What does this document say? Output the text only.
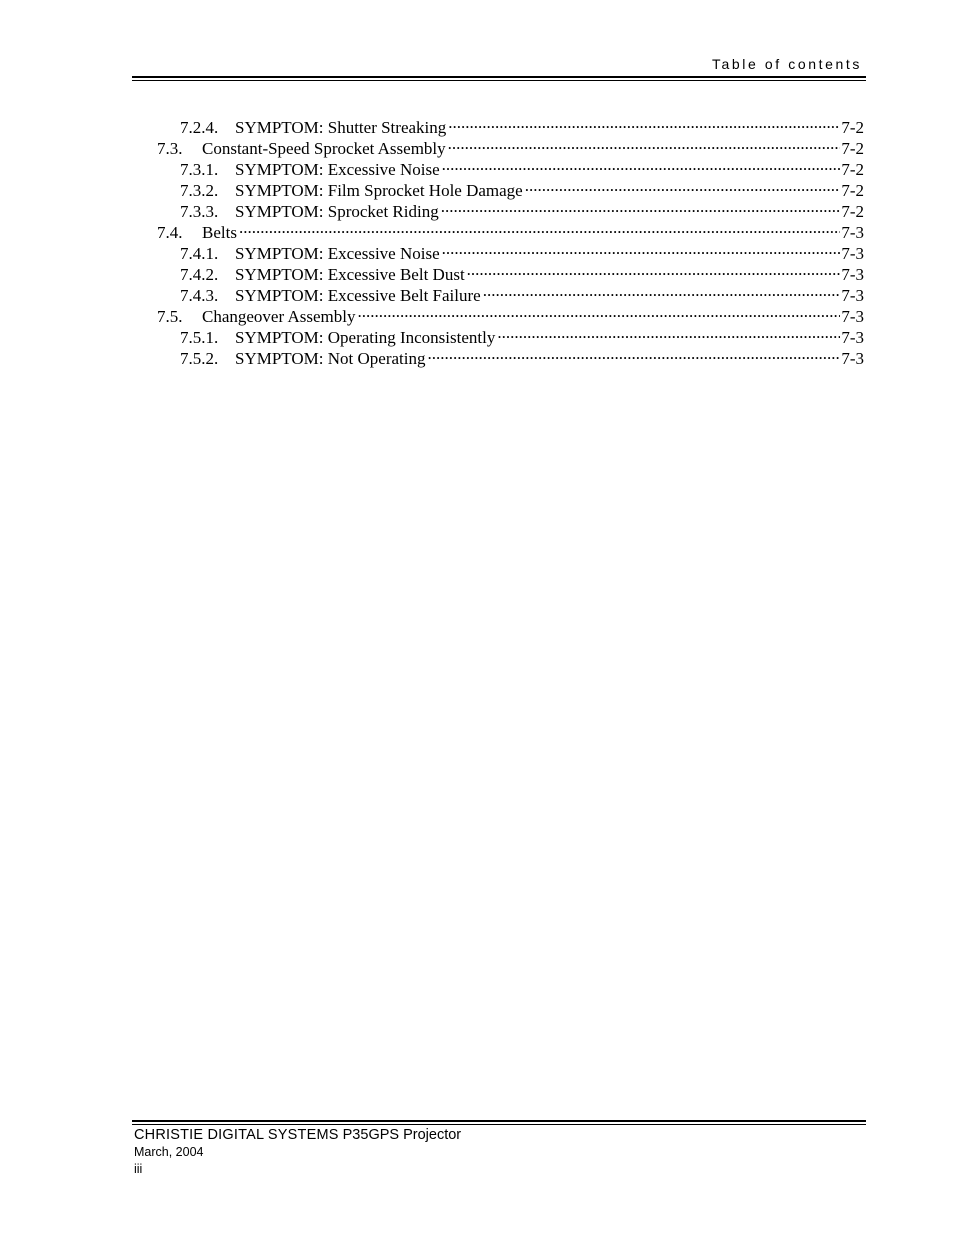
Table of contents
7.2.4. SYMPTOM: Shutter Streaking .....	7-2
7.3.	Constant-Speed Sprocket Assembly .....	7-2
7.3.1. SYMPTOM: Excessive Noise .....	7-2
7.3.2. SYMPTOM: Film Sprocket Hole Damage .....	7-2
7.3.3. SYMPTOM: Sprocket Riding .....	7-2
7.4.	Belts .....	7-3
7.4.1. SYMPTOM: Excessive Noise .....	7-3
7.4.2. SYMPTOM: Excessive Belt Dust .....	7-3
7.4.3. SYMPTOM: Excessive Belt Failure .....	7-3
7.5.	Changeover Assembly .....	7-3
7.5.1. SYMPTOM: Operating Inconsistently .....	7-3
7.5.2. SYMPTOM: Not Operating .....	7-3
CHRISTIE DIGITAL SYSTEMS P35GPS Projector
March, 2004
iii
